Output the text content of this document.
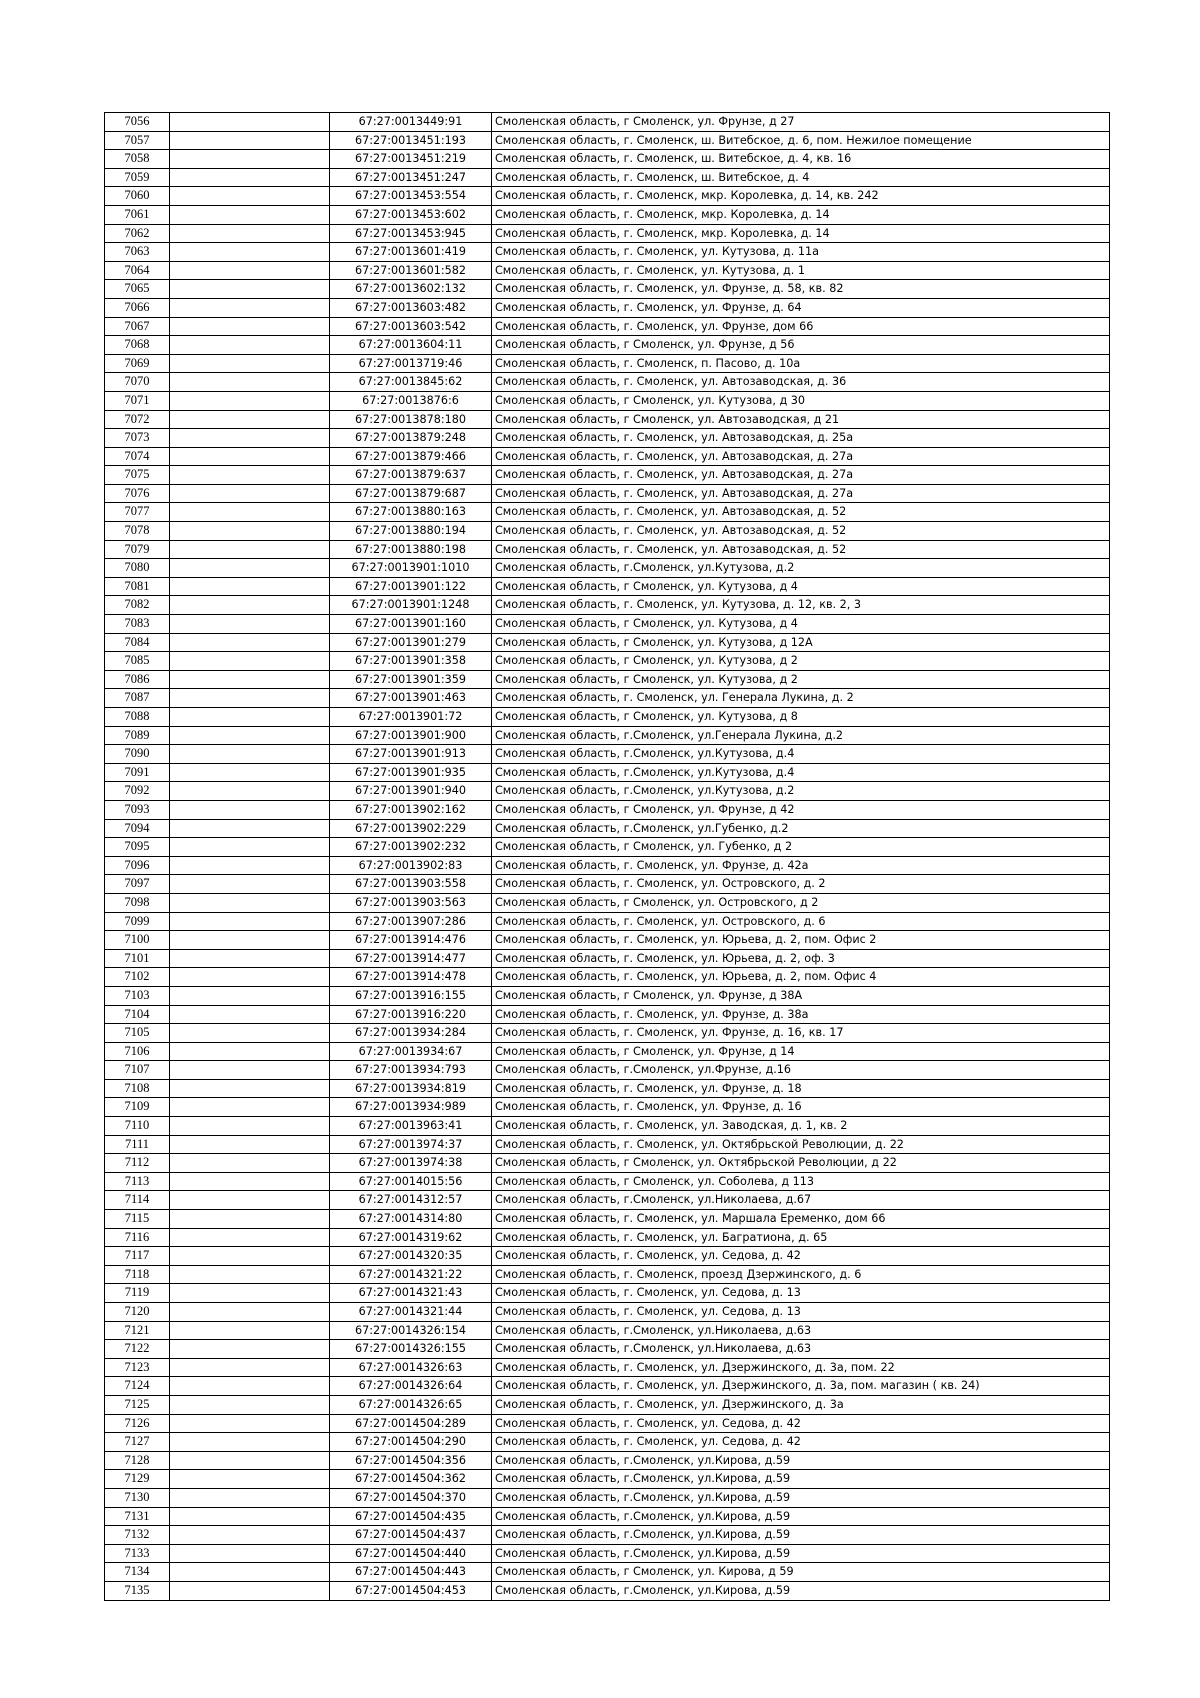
7056		67:27:0013449:91	Смоленская область, г Смоленск, ул. Фрунзе, д 27
7057		67:27:0013451:193	Смоленская область, г. Смоленск, ш. Витебское, д. 6, пом. Нежилое помещение
7058		67:27:0013451:219	Смоленская область, г. Смоленск, ш. Витебское, д. 4, кв. 16
7059		67:27:0013451:247	Смоленская область, г. Смоленск, ш. Витебское, д. 4
7060		67:27:0013453:554	Смоленская область, г. Смоленск, мкр. Королевка, д. 14, кв. 242
7061		67:27:0013453:602	Смоленская область, г. Смоленск, мкр. Королевка, д. 14
7062		67:27:0013453:945	Смоленская область, г. Смоленск, мкр. Королевка, д. 14
7063		67:27:0013601:419	Смоленская область, г. Смоленск, ул. Кутузова, д. 11а
7064		67:27:0013601:582	Смоленская область, г. Смоленск, ул. Кутузова, д. 1
7065		67:27:0013602:132	Смоленская область, г. Смоленск, ул. Фрунзе, д. 58, кв. 82
7066		67:27:0013603:482	Смоленская область, г. Смоленск, ул. Фрунзе, д. 64
7067		67:27:0013603:542	Смоленская область, г. Смоленск, ул. Фрунзе, дом 66
7068		67:27:0013604:11	Смоленская область, г Смоленск, ул. Фрунзе, д 56
7069		67:27:0013719:46	Смоленская область, г. Смоленск, п. Пасово, д. 10а
7070		67:27:0013845:62	Смоленская область, г. Смоленск, ул. Автозаводская, д. 36
7071		67:27:0013876:6	Смоленская область, г Смоленск, ул. Кутузова, д 30
7072		67:27:0013878:180	Смоленская область, г Смоленск, ул. Автозаводская, д 21
7073		67:27:0013879:248	Смоленская область, г. Смоленск, ул. Автозаводская, д. 25а
7074		67:27:0013879:466	Смоленская область, г. Смоленск, ул. Автозаводская, д. 27а
7075		67:27:0013879:637	Смоленская область, г. Смоленск, ул. Автозаводская, д. 27а
7076		67:27:0013879:687	Смоленская область, г. Смоленск, ул. Автозаводская, д. 27а
7077		67:27:0013880:163	Смоленская область, г. Смоленск, ул. Автозаводская, д. 52
7078		67:27:0013880:194	Смоленская область, г. Смоленск, ул. Автозаводская, д. 52
7079		67:27:0013880:198	Смоленская область, г. Смоленск, ул. Автозаводская, д. 52
7080		67:27:0013901:1010	Смоленская область, г.Смоленск, ул.Кутузова, д.2
7081		67:27:0013901:122	Смоленская область, г Смоленск, ул. Кутузова, д 4
7082		67:27:0013901:1248	Смоленская область, г. Смоленск, ул. Кутузова, д. 12, кв. 2, 3
7083		67:27:0013901:160	Смоленская область, г Смоленск, ул. Кутузова, д 4
7084		67:27:0013901:279	Смоленская область, г Смоленск, ул. Кутузова, д 12А
7085		67:27:0013901:358	Смоленская область, г Смоленск, ул. Кутузова, д 2
7086		67:27:0013901:359	Смоленская область, г Смоленск, ул. Кутузова, д 2
7087		67:27:0013901:463	Смоленская область, г. Смоленск, ул. Генерала Лукина, д. 2
7088		67:27:0013901:72	Смоленская область, г Смоленск, ул. Кутузова, д 8
7089		67:27:0013901:900	Смоленская область, г.Смоленск, ул.Генерала Лукина, д.2
7090		67:27:0013901:913	Смоленская область, г.Смоленск, ул.Кутузова, д.4
7091		67:27:0013901:935	Смоленская область, г.Смоленск, ул.Кутузова, д.4
7092		67:27:0013901:940	Смоленская область, г.Смоленск, ул.Кутузова, д.2
7093		67:27:0013902:162	Смоленская область, г Смоленск, ул. Фрунзе, д 42
7094		67:27:0013902:229	Смоленская область, г.Смоленск, ул.Губенко, д.2
7095		67:27:0013902:232	Смоленская область, г Смоленск, ул. Губенко, д 2
7096		67:27:0013902:83	Смоленская область, г. Смоленск, ул. Фрунзе, д. 42а
7097		67:27:0013903:558	Смоленская область, г. Смоленск, ул. Островского, д. 2
7098		67:27:0013903:563	Смоленская область, г Смоленск, ул. Островского, д 2
7099		67:27:0013907:286	Смоленская область, г. Смоленск, ул. Островского, д. 6
7100		67:27:0013914:476	Смоленская область, г. Смоленск, ул. Юрьева, д. 2, пом. Офис 2
7101		67:27:0013914:477	Смоленская область, г. Смоленск, ул. Юрьева, д. 2, оф. 3
7102		67:27:0013914:478	Смоленская область, г. Смоленск, ул. Юрьева, д. 2, пом. Офис 4
7103		67:27:0013916:155	Смоленская область, г Смоленск, ул. Фрунзе, д 38А
7104		67:27:0013916:220	Смоленская область, г. Смоленск, ул. Фрунзе, д. 38а
7105		67:27:0013934:284	Смоленская область, г. Смоленск, ул. Фрунзе, д. 16, кв. 17
7106		67:27:0013934:67	Смоленская область, г Смоленск, ул. Фрунзе, д 14
7107		67:27:0013934:793	Смоленская область, г.Смоленск, ул.Фрунзе, д.16
7108		67:27:0013934:819	Смоленская область, г. Смоленск, ул. Фрунзе, д. 18
7109		67:27:0013934:989	Смоленская область, г. Смоленск, ул. Фрунзе, д. 16
7110		67:27:0013963:41	Смоленская область, г. Смоленск, ул. Заводская, д. 1, кв. 2
7111		67:27:0013974:37	Смоленская область, г. Смоленск, ул. Октябрьской Революции, д. 22
7112		67:27:0013974:38	Смоленская область, г Смоленск, ул. Октябрьской Революции, д 22
7113		67:27:0014015:56	Смоленская область, г Смоленск, ул. Соболева, д 113
7114		67:27:0014312:57	Смоленская область, г.Смоленск, ул.Николаева, д.67
7115		67:27:0014314:80	Смоленская область, г. Смоленск, ул. Маршала Еременко, дом 66
7116		67:27:0014319:62	Смоленская область, г. Смоленск, ул. Багратиона, д. 65
7117		67:27:0014320:35	Смоленская область, г. Смоленск, ул. Седова, д. 42
7118		67:27:0014321:22	Смоленская область, г. Смоленск, проезд Дзержинского, д. 6
7119		67:27:0014321:43	Смоленская область, г. Смоленск, ул. Седова, д. 13
7120		67:27:0014321:44	Смоленская область, г. Смоленск, ул. Седова, д. 13
7121		67:27:0014326:154	Смоленская область, г.Смоленск, ул.Николаева, д.63
7122		67:27:0014326:155	Смоленская область, г.Смоленск, ул.Николаева, д.63
7123		67:27:0014326:63	Смоленская область, г. Смоленск, ул. Дзержинского, д. 3а, пом. 22
7124		67:27:0014326:64	Смоленская область, г. Смоленск, ул. Дзержинского, д. 3а, пом. магазин ( кв. 24)
7125		67:27:0014326:65	Смоленская область, г. Смоленск, ул. Дзержинского, д. 3а
7126		67:27:0014504:289	Смоленская область, г. Смоленск, ул. Седова, д. 42
7127		67:27:0014504:290	Смоленская область, г. Смоленск, ул. Седова, д. 42
7128		67:27:0014504:356	Смоленская область, г.Смоленск, ул.Кирова, д.59
7129		67:27:0014504:362	Смоленская область, г.Смоленск, ул.Кирова, д.59
7130		67:27:0014504:370	Смоленская область, г.Смоленск, ул.Кирова, д.59
7131		67:27:0014504:435	Смоленская область, г.Смоленск, ул.Кирова, д.59
7132		67:27:0014504:437	Смоленская область, г.Смоленск, ул.Кирова, д.59
7133		67:27:0014504:440	Смоленская область, г.Смоленск, ул.Кирова, д.59
7134		67:27:0014504:443	Смоленская область, г Смоленск, ул. Кирова, д 59
7135		67:27:0014504:453	Смоленская область, г.Смоленск, ул.Кирова, д.59
